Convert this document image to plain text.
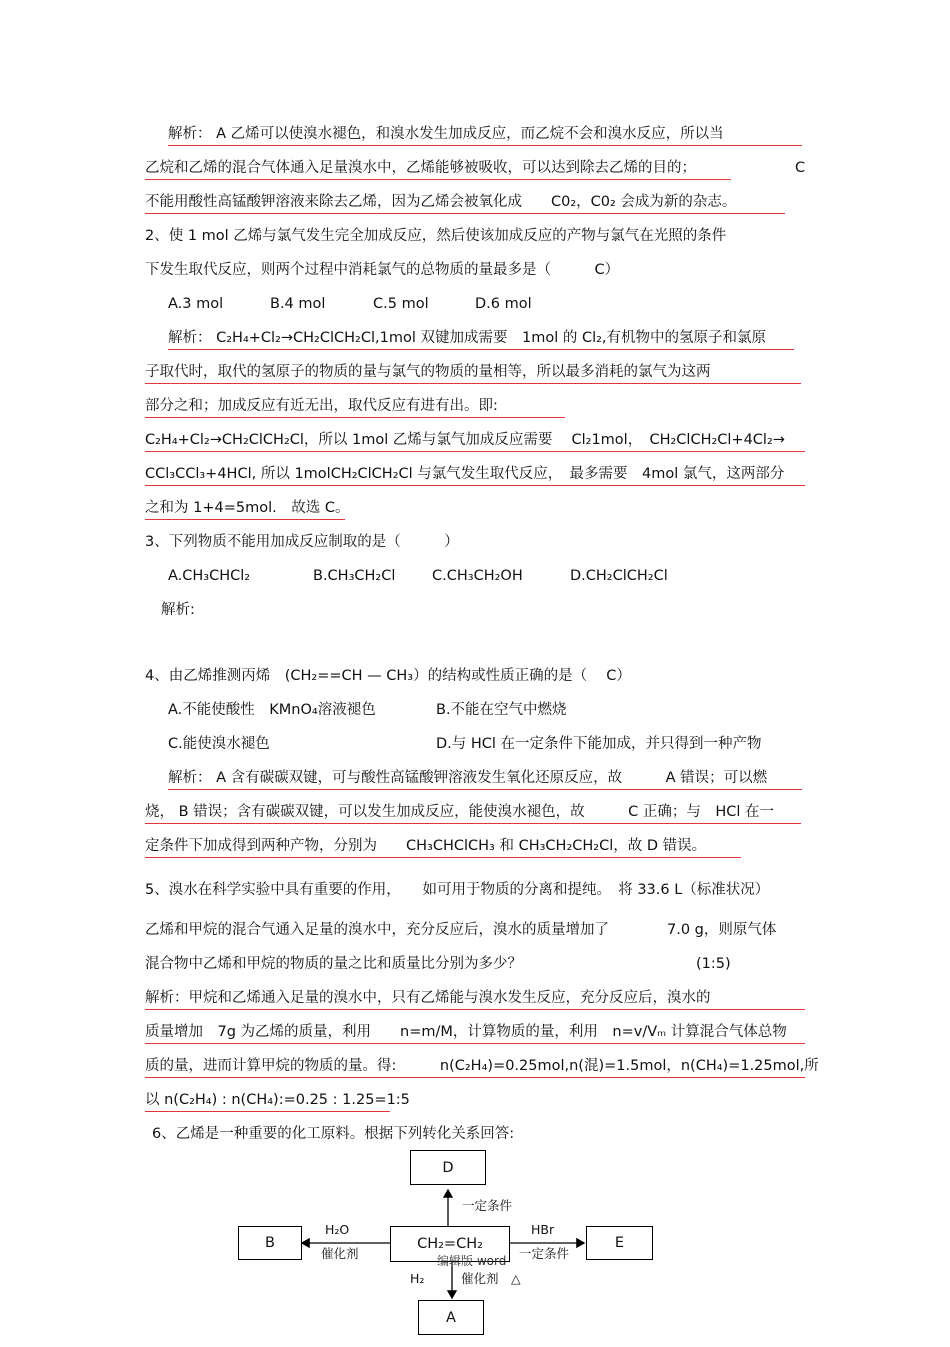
解析： A 乙烯可以使溴水褪色，和溴水发生加成反应，而乙烷不会和溴水反应，所以当
乙烷和乙烯的混合气体通入足量溴水中，乙烯能够被吸收，可以达到除去乙烯的目的；	C
不能用酸性高锰酸钾溶液来除去乙烯，因为乙烯会被氧化成　　C0₂，C0₂ 会成为新的杂志。
2、使 1 mol 乙烯与氯气发生完全加成反应，然后使该加成反应的产物与氯气在光照的条件
下发生取代反应，则两个过程中消耗氯气的总物质的量最多是（　　　C）
A.3 mol	B.4 mol	C.5 mol	D.6 mol
解析： C₂H₄+Cl₂→CH₂ClCH₂Cl,1mol 双键加成需要　1mol 的 Cl₂,有机物中的氢原子和氯原
子取代时，取代的氢原子的物质的量与氯气的物质的量相等，所以最多消耗的氯气为这两
部分之和；加成反应有近无出，取代反应有进有出。即:
C₂H₄+Cl₂→CH₂ClCH₂Cl，所以 1mol 乙烯与氯气加成反应需要　 Cl₂1mol，　CH₂ClCH₂Cl+4Cl₂→
CCl₃CCl₃+4HCl, 所以 1molCH₂ClCH₂Cl 与氯气发生取代反应，　最多需要　4mol 氯气，这两部分
之和为 1+4=5mol.　故选 C。
3、下列物质不能用加成反应制取的是（　　　）
A.CH₃CHCl₂	B.CH₃CH₂Cl	C.CH₃CH₂OH	D.CH₂ClCH₂Cl
解析:
4、由乙烯推测丙烯　(CH₂==CH — CH₃）的结构或性质正确的是（　 C）
A.不能使酸性　KMnO₄溶液褪色	B.不能在空气中燃烧
C.能使溴水褪色	D.与 HCl 在一定条件下能加成，并只得到一种产物
解析： A 含有碳碳双键，可与酸性高锰酸钾溶液发生氧化还原反应，故　　　A 错误；可以燃
烧， B 错误；含有碳碳双键，可以发生加成反应，能使溴水褪色，故　　　C 正确；与　HCl 在一
定条件下加成得到两种产物，分别为　　CH₃CHClCH₃ 和 CH₃CH₂CH₂Cl，故 D 错误。
5、溴水在科学实验中具有重要的作用，　　如可用于物质的分离和提纯。　将 33.6 L（标准状况）
乙烯和甲烷的混合气通入足量的溴水中，充分反应后，溴水的质量增加了　　　　7.0 g，则原气体
混合物中乙烯和甲烷的物质的量之比和质量比分别为多少？　　　　　　　　　　　　(1:5)
解析：甲烷和乙烯通入足量的溴水中，只有乙烯能与溴水发生反应，充分反应后，溴水的
质量增加　7g 为乙烯的质量，利用　　n=m/M，计算物质的量，利用　n=v/Vₘ 计算混合气体总物
质的量，进而计算甲烷的物质的量。得:　　　n(C₂H₄)=0.25mol,n(混)=1.5mol，n(CH₄)=1.25mol,所
以 n(C₂H₄) : n(CH₄):=0.25 : 1.25=1:5
6、乙烯是一种重要的化工原料。根据下列转化关系回答:
D
B	CH₂=CH₂	E
A
一定条件
H₂O
催化剂
HBr
一定条件
H₂	催化剂　△
编辑版 word
